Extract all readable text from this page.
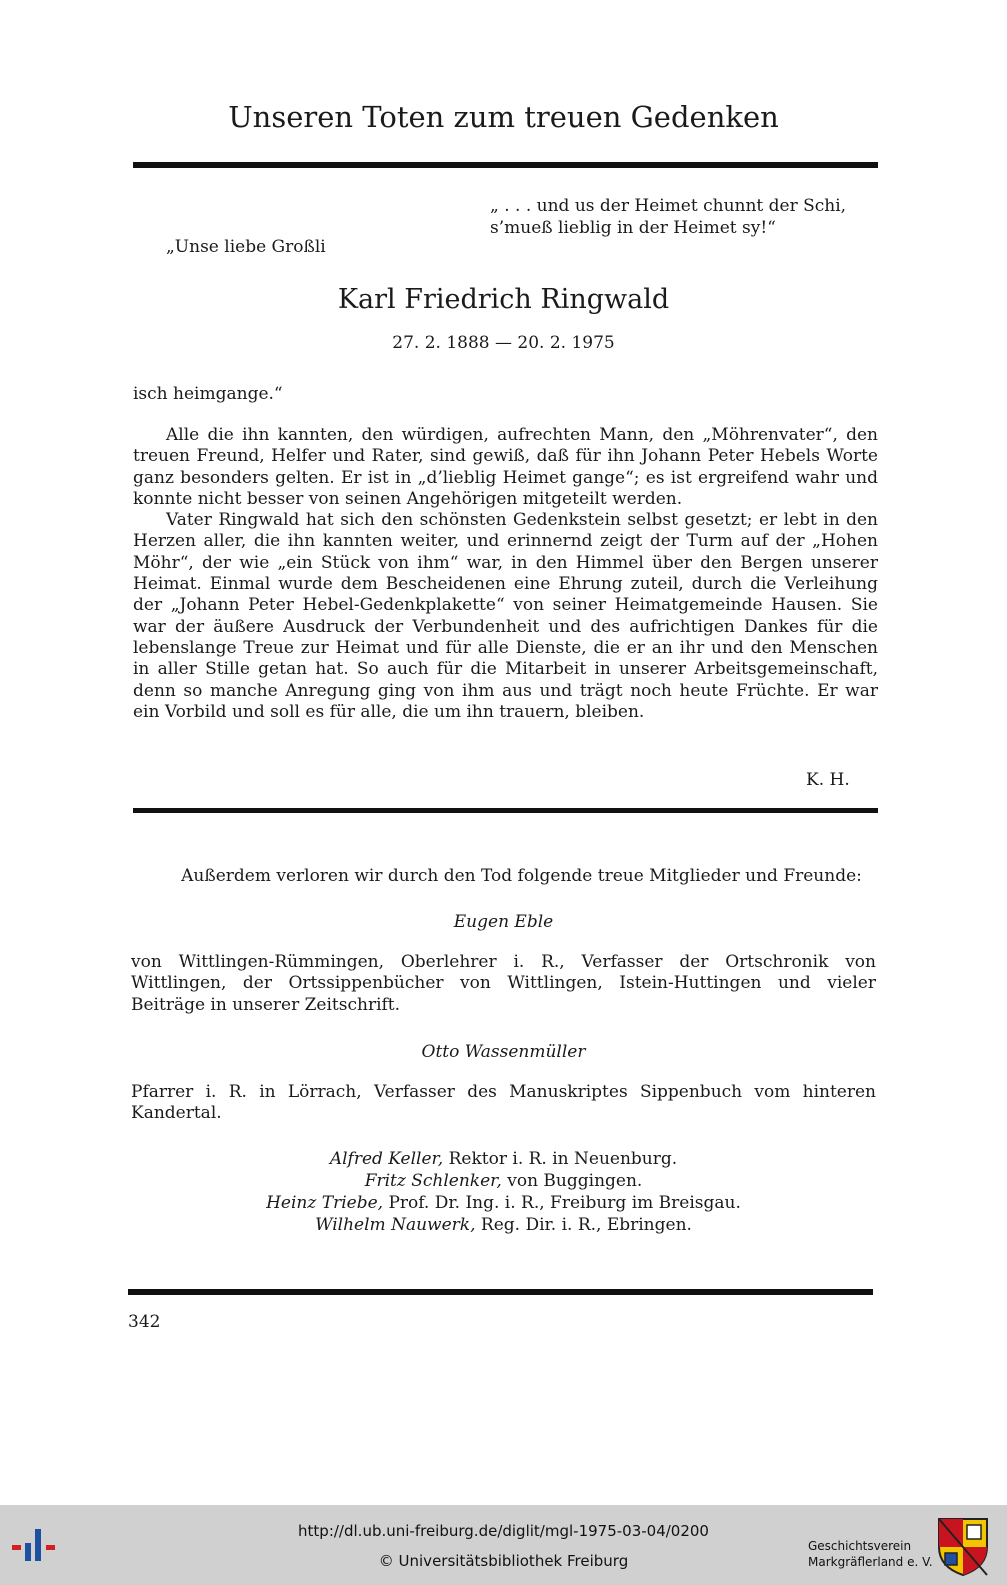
Unseren Toten zum treuen Gedenken
„ . . . und us der Heimet chunnt der Schi,
s’mueß lieblig in der Heimet sy!“
„Unse liebe Großli
Karl Friedrich Ringwald
27. 2. 1888 — 20. 2. 1975
isch heimgange.“

Alle die ihn kannten, den würdigen, aufrechten Mann, den „Möhrenvater“, den treuen Freund, Helfer und Rater, sind gewiß, daß für ihn Johann Peter Hebels Worte ganz besonders gelten. Er ist in „d’lieblig Heimet gange“; es ist ergreifend wahr und konnte nicht besser von seinen Angehörigen mitgeteilt werden.

Vater Ringwald hat sich den schönsten Gedenkstein selbst gesetzt; er lebt in den Herzen aller, die ihn kannten weiter, und erinnernd zeigt der Turm auf der „Hohen Möhr“, der wie „ein Stück von ihm“ war, in den Himmel über den Bergen unserer Heimat. Einmal wurde dem Bescheidenen eine Ehrung zuteil, durch die Verleihung der „Johann Peter Hebel-Gedenkplakette“ von seiner Heimatgemeinde Hausen. Sie war der äußere Ausdruck der Verbundenheit und des aufrichtigen Dankes für die lebenslange Treue zur Heimat und für alle Dienste, die er an ihr und den Menschen in aller Stille getan hat. So auch für die Mitarbeit in unserer Arbeitsgemeinschaft, denn so manche Anregung ging von ihm aus und trägt noch heute Früchte. Er war ein Vorbild und soll es für alle, die um ihn trauern, bleiben.

K. H.
Außerdem verloren wir durch den Tod folgende treue Mitglieder und Freunde:
Eugen Eble
von Wittlingen-Rümmingen, Oberlehrer i. R., Verfasser der Ortschronik von Wittlingen, der Ortssippenbücher von Wittlingen, Istein-Huttingen und vieler Beiträge in unserer Zeitschrift.
Otto Wassenmüller
Pfarrer i. R. in Lörrach, Verfasser des Manuskriptes Sippenbuch vom hinteren Kandertal.
Alfred Keller, Rektor i. R. in Neuenburg.
Fritz Schlenker, von Buggingen.
Heinz Triebe, Prof. Dr. Ing. i. R., Freiburg im Breisgau.
Wilhelm Nauwerk, Reg. Dir. i. R., Ebringen.
342
http://dl.ub.uni-freiburg.de/diglit/mgl-1975-03-04/0200
© Universitätsbibliothek Freiburg
Geschichtsverein
Markgräflerland e. V.
